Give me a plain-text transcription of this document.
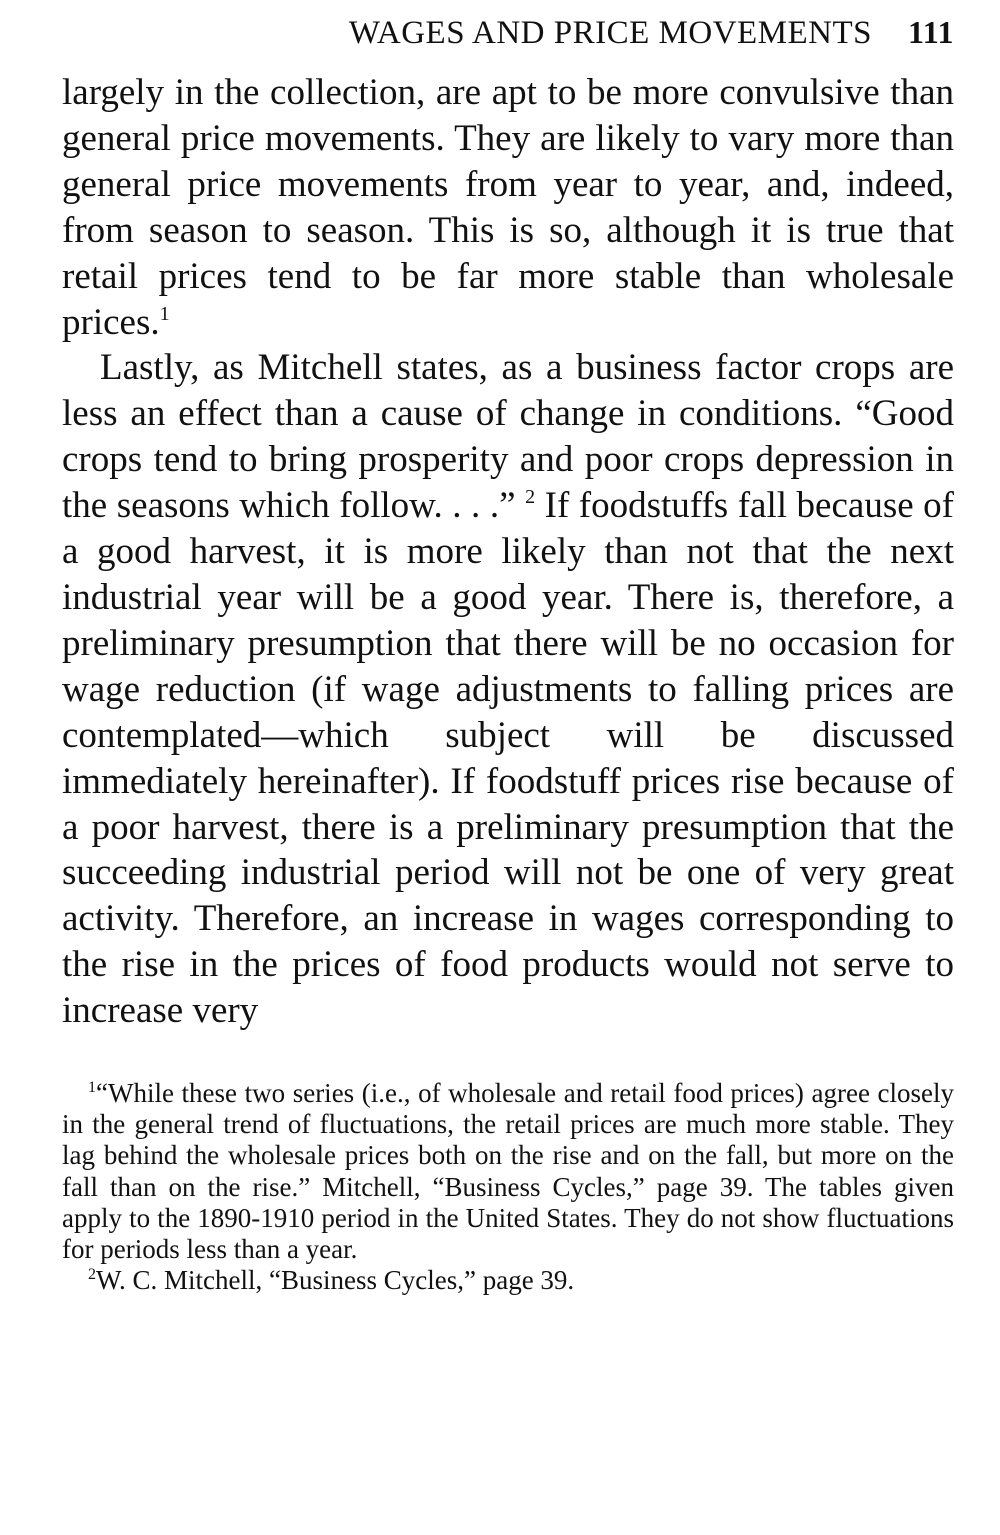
WAGES AND PRICE MOVEMENTS 111

largely in the collection, are apt to be more convulsive than general price movements. They are likely to vary more than general price movements from year to year, and, indeed, from season to season. This is so, although it is true that retail prices tend to be far more stable than wholesale prices.$^1$

Lastly, as Mitchell states, as a business factor crops are less an effect than a cause of change in conditions. “Good crops tend to bring prosperity and poor crops depression in the seasons which follow. . . .” $^2$ If foodstuffs fall because of a good harvest, it is more likely than not that the next industrial year will be a good year. There is, therefore, a preliminary presumption that there will be no occasion for wage reduction (if wage adjustments to falling prices are contemplated—which subject will be discussed immediately hereinafter). If foodstuff prices rise because of a poor harvest, there is a preliminary presumption that the succeeding industrial period will not be one of very great activity. Therefore, an increase in wages corresponding to the rise in the prices of food products would not serve to increase very

$^1$“While these two series (i.e., of wholesale and retail food prices) agree closely in the general trend of fluctuations, the retail prices are much more stable. They lag behind the wholesale prices both on the rise and on the fall, but more on the fall than on the rise.” Mitchell, “Business Cycles,” page 39. The tables given apply to the 1890-1910 period in the United States. They do not show fluctuations for periods less than a year.

$^2$W. C. Mitchell, “Business Cycles,” page 39.
